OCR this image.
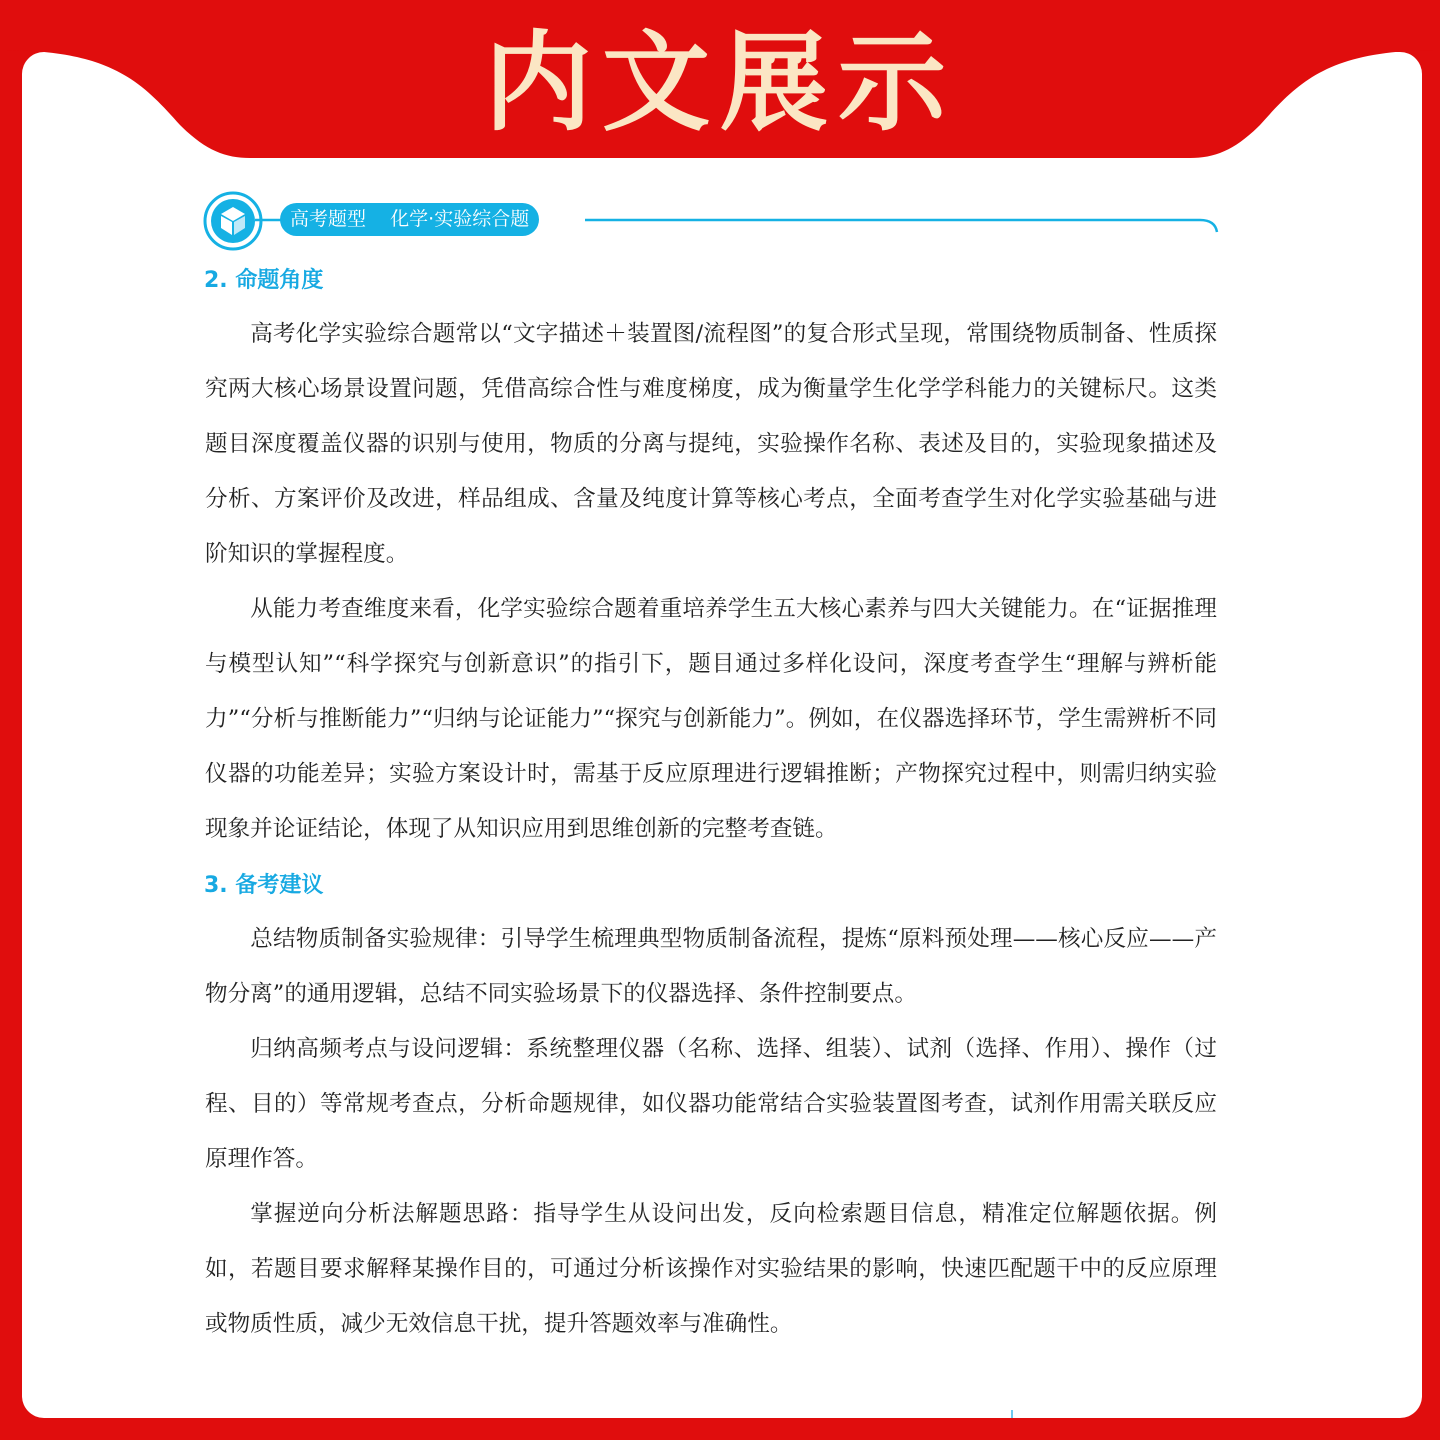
内文展示
高考题型    化学·实验综合题
2. 命题角度

高考化学实验综合题常以“文字描述＋装置图/流程图”的复合形式呈现，常围绕物质制备、性质探究两大核心场景设置问题，凭借高综合性与难度梯度，成为衡量学生化学学科能力的关键标尺。这类题目深度覆盖仪器的识别与使用，物质的分离与提纯，实验操作名称、表述及目的，实验现象描述及分析、方案评价及改进，样品组成、含量及纯度计算等核心考点，全面考查学生对化学实验基础与进阶知识的掌握程度。

从能力考查维度来看，化学实验综合题着重培养学生五大核心素养与四大关键能力。在“证据推理与模型认知”“科学探究与创新意识”的指引下，题目通过多样化设问，深度考查学生“理解与辨析能力”“分析与推断能力”“归纳与论证能力”“探究与创新能力”。例如，在仪器选择环节，学生需辨析不同仪器的功能差异；实验方案设计时，需基于反应原理进行逻辑推断；产物探究过程中，则需归纳实验现象并论证结论，体现了从知识应用到思维创新的完整考查链。

3. 备考建议

总结物质制备实验规律：引导学生梳理典型物质制备流程，提炼“原料预处理——核心反应——产物分离”的通用逻辑，总结不同实验场景下的仪器选择、条件控制要点。

归纳高频考点与设问逻辑：系统整理仪器（名称、选择、组装）、试剂（选择、作用）、操作（过程、目的）等常规考查点，分析命题规律，如仪器功能常结合实验装置图考查，试剂作用需关联反应原理作答。

掌握逆向分析法解题思路：指导学生从设问出发，反向检索题目信息，精准定位解题依据。例如，若题目要求解释某操作目的，可通过分析该操作对实验结果的影响，快速匹配题干中的反应原理或物质性质，减少无效信息干扰，提升答题效率与准确性。
